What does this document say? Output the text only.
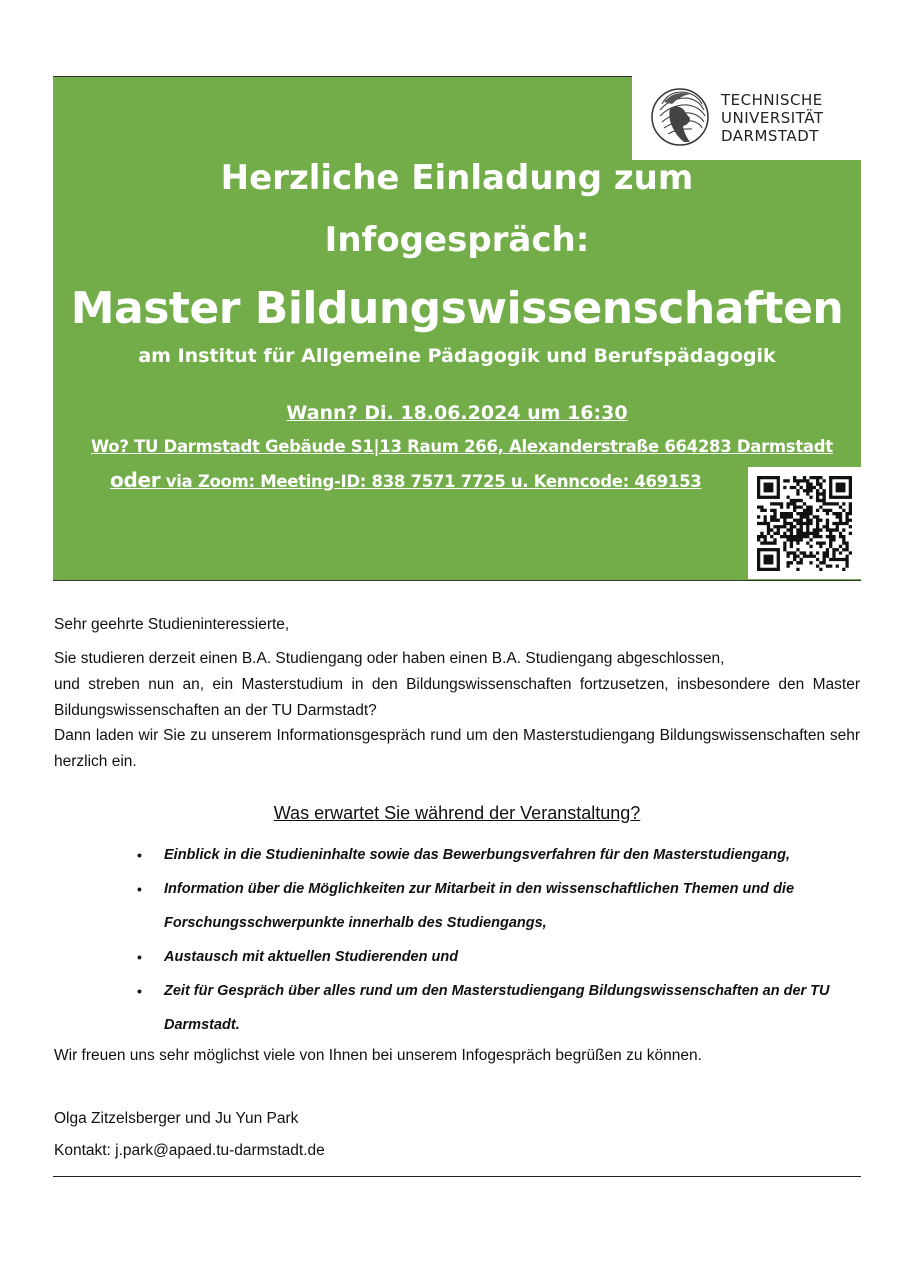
TECHNISCHE
UNIVERSITÄT
DARMSTADT
Herzliche Einladung zum
Infogespräch:
Master Bildungswissenschaften
am Institut für Allgemeine Pädagogik und Berufspädagogik
Wann? Di. 18.06.2024 um 16:30
Wo? TU Darmstadt Gebäude S1|13 Raum 266, Alexanderstraße 664283 Darmstadt
oder via Zoom: Meeting-ID: 838 7571 7725 u. Kenncode: 469153

Sehr geehrte Studieninteressierte,

Sie studieren derzeit einen B.A. Studiengang oder haben einen B.A. Studiengang abgeschlossen,

und streben nun an, ein Masterstudium in den Bildungswissenschaften fortzusetzen, insbesondere den Master Bildungswissenschaften an der TU Darmstadt?

Dann laden wir Sie zu unserem Informationsgespräch rund um den Masterstudiengang Bildungswissenschaften sehr herzlich ein.

Was erwartet Sie während der Veranstaltung?
• Einblick in die Studieninhalte sowie das Bewerbungsverfahren für den Masterstudiengang,
• Information über die Möglichkeiten zur Mitarbeit in den wissenschaftlichen Themen und die Forschungsschwerpunkte innerhalb des Studiengangs,
• Austausch mit aktuellen Studierenden und
• Zeit für Gespräch über alles rund um den Masterstudiengang Bildungswissenschaften an der TU Darmstadt.

Wir freuen uns sehr möglichst viele von Ihnen bei unserem Infogespräch begrüßen zu können.

Olga Zitzelsberger und Ju Yun Park

Kontakt: j.park@apaed.tu-darmstadt.de
